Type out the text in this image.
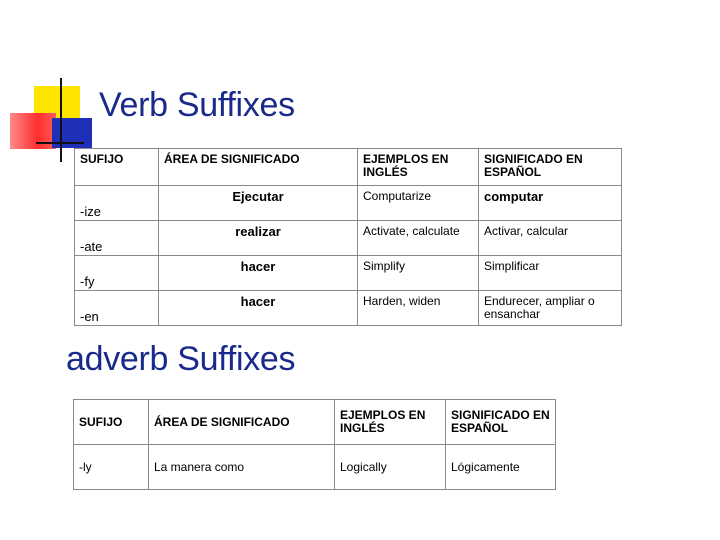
Verb Suffixes
SUFIJO	ÁREA DE SIGNIFICADO	EJEMPLOS EN INGLÉS	SIGNIFICADO EN ESPAÑOL
-ize	Ejecutar	Computarize	computar
-ate	realizar	Activate, calculate	Activar, calcular
-fy	hacer	Simplify	Simplificar
-en	hacer	Harden, widen	Endurecer, ampliar o ensanchar
adverb Suffixes
SUFIJO	ÁREA DE SIGNIFICADO	EJEMPLOS EN INGLÉS	SIGNIFICADO EN ESPAÑOL
-ly	La manera como	Logically	Lógicamente
